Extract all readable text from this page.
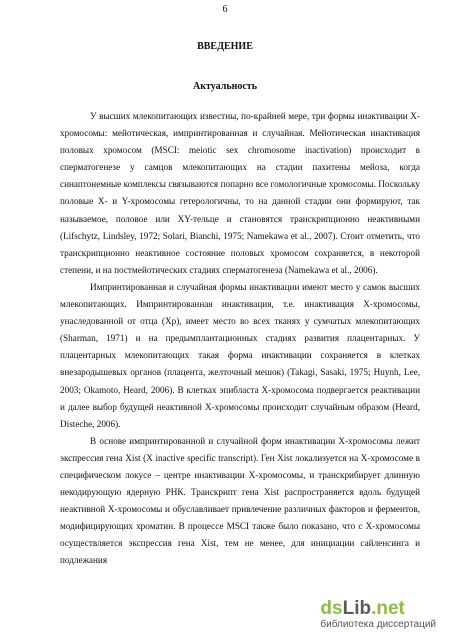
6
ВВЕДЕНИЕ
Актуальность

У высших млекопитающих известны, по-крайней мере, три формы инактивации X-хромосомы: мейотическая, импринтированная и случайная. Мейотическая инактивация половых хромосом (MSCI: meiotic sex chromosome inactivation) происходит в сперматогенезе у самцов млекопитающих на стадии пахитены мейоза, когда синаптонемные комплексы связываются попарно все гомологичные хромосомы. Поскольку половые X- и Y-хромосомы гетерологичны, то на данной стадии они формируют, так называемое, половое или XY-тельце и становятся транскрипционно неактивными (Lifschytz, Lindsley, 1972; Solari, Bianchi, 1975; Namekawa et al., 2007). Стоит отметить, что транскрипционно неактивное состояние половых хромосом сохраняется, в некоторой степени, и на постмейотических стадиях сперматогенеза (Namekawa et al., 2006).

Импринтированная и случайная формы инактивации имеют место у самок высших млекопитающих. Импринтированная инактивация, т.е. инактивация X-хромосомы, унаследованной от отца (Xp), имеет место во всех тканях у сумчатых млекопитающих (Sharman, 1971) и на предымплантационных стадиях развития плацентарных. У плацентарных млекопитающих такая форма инактивации сохраняется в клетках внезародышевых органов (плацента, желточный мешок) (Takagi, Sasaki, 1975; Huynh, Lee, 2003; Okamoto, Heard, 2006). В клетках эпибласта X-хромосома подвергается реактивации и далее выбор будущей неактивной X-хромосомы происходит случайным образом (Heard, Disteche, 2006).

В основе импринтированной и случайной форм инактивации X-хромосомы лежит экспрессия гена Xist (X inactive specific transcript). Ген Xist локализуется на X-хромосоме в специфическом локусе – центре инактивации X-хромосомы, и транскрибирует длинную некодирующую ядерную РНК. Транскрипт гена Xist распространяется вдоль будущей неактивной X-хромосомы и обуславливает привлечение различных факторов и ферментов, модифицирующих хроматин. В процессе MSCI также было показано, что с X-хромосомы осуществляется экспрессия гена Xist, тем не менее, для инициации сайленсинга и подлежания

dsLib.net
библиотека диссертаций
